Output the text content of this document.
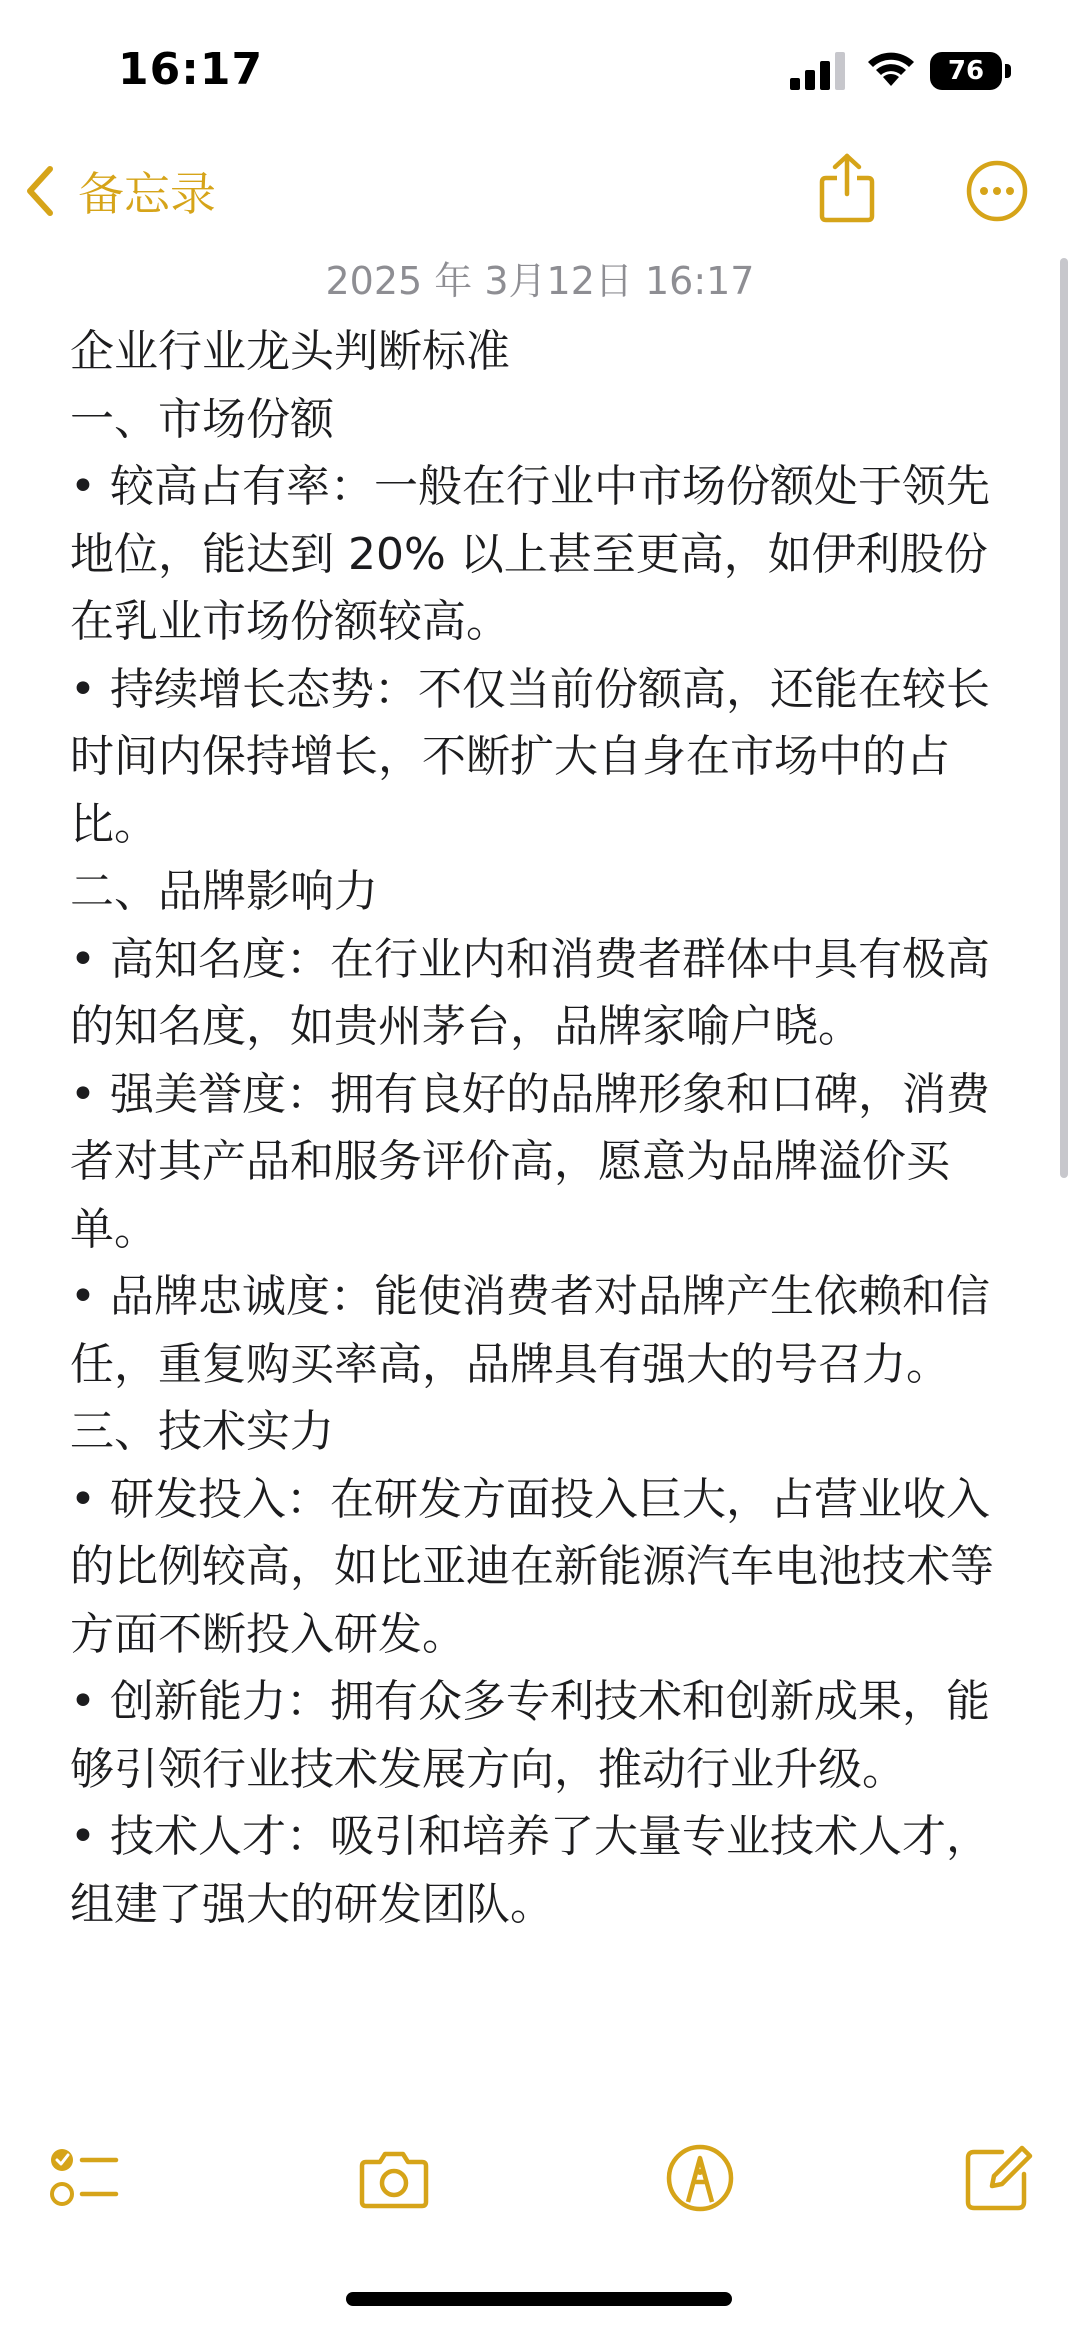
16:17	76
备忘录
2025 年 3月12日 16:17
企业行业龙头判断标准
一、市场份额
• 较高占有率：一般在行业中市场份额处于领先地位，能达到 20% 以上甚至更高，如伊利股份在乳业市场份额较高。
• 持续增长态势：不仅当前份额高，还能在较长时间内保持增长，不断扩大自身在市场中的占比。
二、品牌影响力
• 高知名度：在行业内和消费者群体中具有极高的知名度，如贵州茅台，品牌家喻户晓。
• 强美誉度：拥有良好的品牌形象和口碑，消费者对其产品和服务评价高，愿意为品牌溢价买单。
• 品牌忠诚度：能使消费者对品牌产生依赖和信任，重复购买率高，品牌具有强大的号召力。
三、技术实力
• 研发投入：在研发方面投入巨大，占营业收入的比例较高，如比亚迪在新能源汽车电池技术等方面不断投入研发。
• 创新能力：拥有众多专利技术和创新成果，能够引领行业技术发展方向，推动行业升级。
• 技术人才：吸引和培养了大量专业技术人才，组建了强大的研发团队。
